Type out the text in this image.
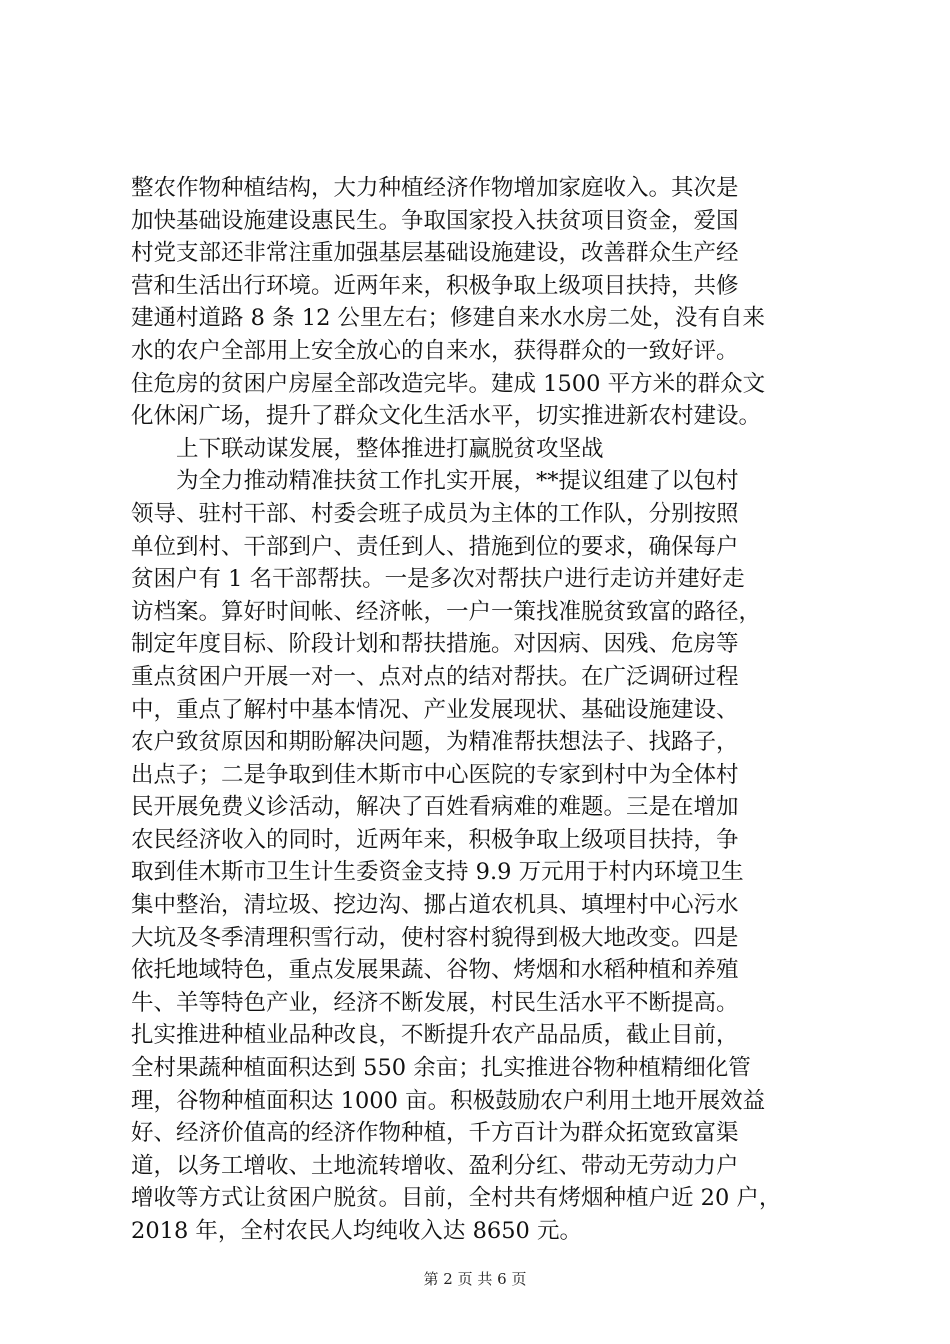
整农作物种植结构，大力种植经济作物增加家庭收入。其次是
加快基础设施建设惠民生。争取国家投入扶贫项目资金，爱国
村党支部还非常注重加强基层基础设施建设，改善群众生产经
营和生活出行环境。近两年来，积极争取上级项目扶持，共修
建通村道路 8 条 12 公里左右；修建自来水水房二处，没有自来
水的农户全部用上安全放心的自来水，获得群众的一致好评。
住危房的贫困户房屋全部改造完毕。建成 1500 平方米的群众文
化休闲广场，提升了群众文化生活水平，切实推进新农村建设。
上下联动谋发展，整体推进打赢脱贫攻坚战
为全力推动精准扶贫工作扎实开展，**提议组建了以包村
领导、驻村干部、村委会班子成员为主体的工作队，分别按照
单位到村、干部到户、责任到人、措施到位的要求，确保每户
贫困户有 1 名干部帮扶。一是多次对帮扶户进行走访并建好走
访档案。算好时间帐、经济帐，一户一策找准脱贫致富的路径，
制定年度目标、阶段计划和帮扶措施。对因病、因残、危房等
重点贫困户开展一对一、点对点的结对帮扶。在广泛调研过程
中，重点了解村中基本情况、产业发展现状、基础设施建设、
农户致贫原因和期盼解决问题，为精准帮扶想法子、找路子，
出点子；二是争取到佳木斯市中心医院的专家到村中为全体村
民开展免费义诊活动，解决了百姓看病难的难题。三是在增加
农民经济收入的同时，近两年来，积极争取上级项目扶持，争
取到佳木斯市卫生计生委资金支持 9.9 万元用于村内环境卫生
集中整治，清垃圾、挖边沟、挪占道农机具、填埋村中心污水
大坑及冬季清理积雪行动，使村容村貌得到极大地改变。四是
依托地域特色，重点发展果蔬、谷物、烤烟和水稻种植和养殖
牛、羊等特色产业，经济不断发展，村民生活水平不断提高。
扎实推进种植业品种改良，不断提升农产品品质，截止目前，
全村果蔬种植面积达到 550 余亩；扎实推进谷物种植精细化管
理，谷物种植面积达 1000 亩。积极鼓励农户利用土地开展效益
好、经济价值高的经济作物种植，千方百计为群众拓宽致富渠
道，以务工增收、土地流转增收、盈利分红、带动无劳动力户
增收等方式让贫困户脱贫。目前，全村共有烤烟种植户近 20 户，
2018 年，全村农民人均纯收入达 8650 元。
第 2 页 共 6 页
